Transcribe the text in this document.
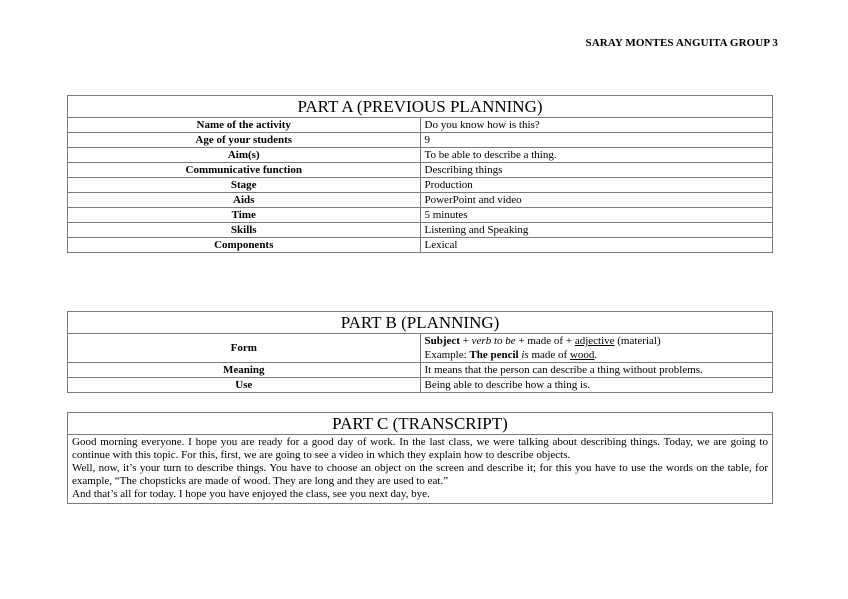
SARAY MONTES ANGUITA GROUP 3
PART A (PREVIOUS PLANNING)	
Name of the activity	Do you know how is this?
Age of your students	9
Aim(s)	To be able to describe a thing.
Communicative function	Describing things
Stage	Production
Aids	PowerPoint and video
Time	5 minutes
Skills	Listening and Speaking
Components	Lexical
PART B (PLANNING)	
Form	Subject + verb to be + made of + adjective (material)
Example: The pencil is made of wood.

Meaning	It means that the person can describe a thing without problems.
Use	Being able to describe how a thing is.
PART C (TRANSCRIPT)

Good morning everyone. I hope you are ready for a good day of work. In the last class, we were talking about describing things. Today, we are going to continue with this topic. For this, first, we are going to see a video in which they explain how to describe objects.

Well, now, it’s your turn to describe things. You have to choose an object on the screen and describe it; for this you have to use the words on the table, for example, “The chopsticks are made of wood. They are long and they are used to eat.”

And that’s all for today. I hope you have enjoyed the class, see you next day, bye.
